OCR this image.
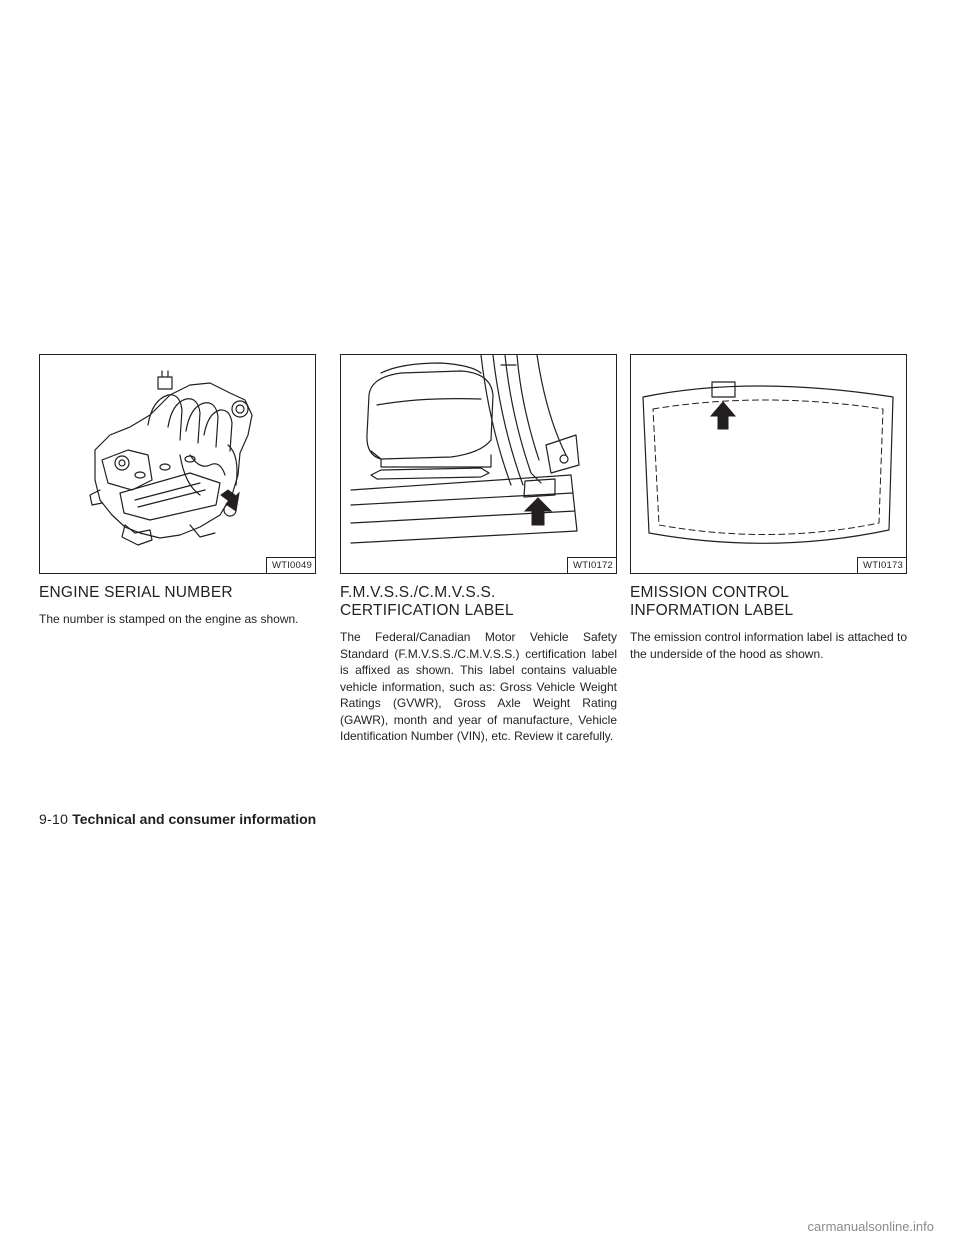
WTI0049
ENGINE SERIAL NUMBER

The number is stamped on the engine as shown.

WTI0172
F.M.V.S.S./C.M.V.S.S.
CERTIFICATION LABEL

The Federal/Canadian Motor Vehicle Safety Standard (F.M.V.S.S./C.M.V.S.S.) certification label is affixed as shown. This label contains valuable vehicle information, such as: Gross Vehicle Weight Ratings (GVWR), Gross Axle Weight Rating (GAWR), month and year of manufacture, Vehicle Identification Number (VIN), etc. Review it carefully.

WTI0173
EMISSION CONTROL
INFORMATION LABEL

The emission control information label is attached to the underside of the hood as shown.

9-10 Technical and consumer information
carmanualsonline.info
